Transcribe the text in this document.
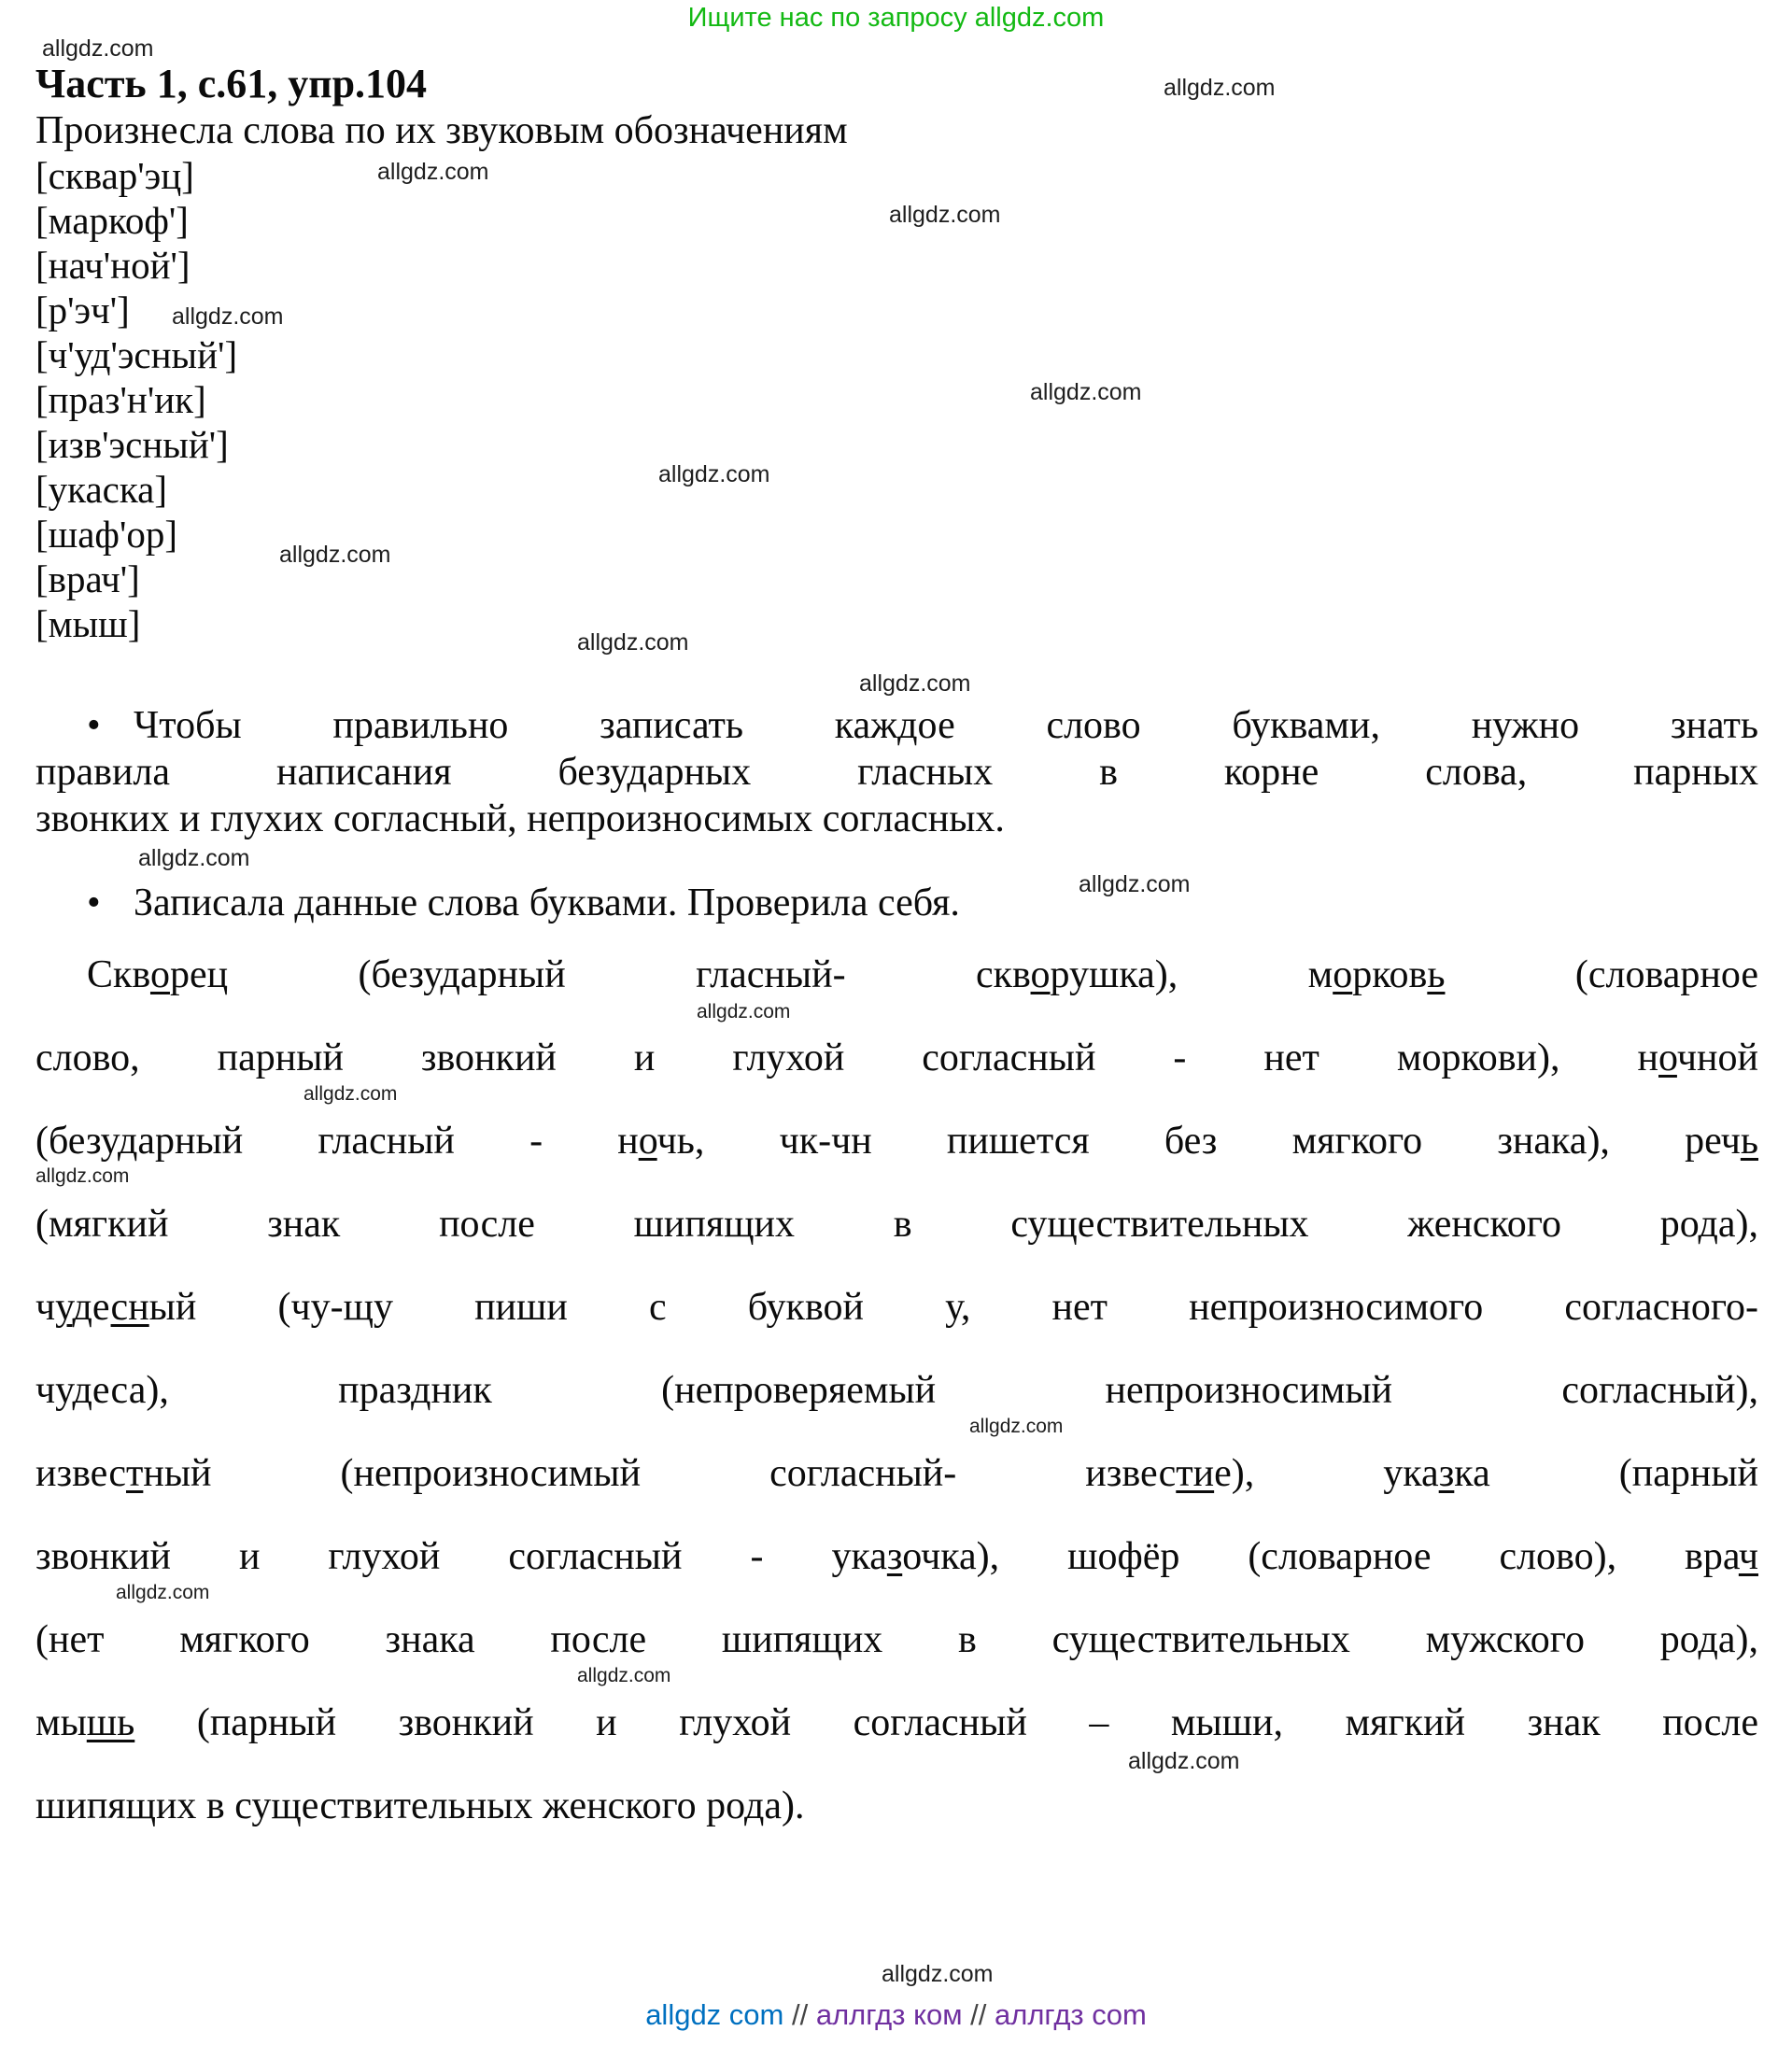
Ищите нас по запросу allgdz.com
allgdz.com
allgdz.com
allgdz.com
allgdz.com
allgdz.com
allgdz.com
allgdz.com
allgdz.com
allgdz.com
allgdz.com
allgdz.com
allgdz.com
allgdz.com
allgdz.com
allgdz.com
allgdz.com
allgdz.com
allgdz.com
allgdz.com
allgdz.com
Часть 1, с.61, упр.104
Произнесла слова по их звуковым обозначениям
[сквар'эц]
[маркоф']
[нач'ной']
[р'эч']
[ч'уд'эсный']
[праз'н'ик]
[изв'эсный']
[укаска]
[шаф'ор]
[врач']
[мыш]
• Чтобы правильно записать каждое слово буквами, нужно знать
правила написания безударных гласных в корне слова, парных
звонких и глухих согласный, непроизносимых согласных.
• Записала данные слова буквами. Проверила себя.
Скворец (безударный гласный- скворушка), морковь (словарное
слово, парный звонкий и глухой согласный - нет моркови), ночной
(безударный гласный - ночь, чк-чн пишется без мягкого знака), речь
(мягкий знак после шипящих в существительных женского рода),
чудесный (чу-щу пиши с буквой у, нет непроизносимого согласного-
чудеса), праздник (непроверяемый непроизносимый согласный),
известный (непроизносимый согласный- известие), указка (парный
звонкий и глухой согласный - указочка), шофёр (словарное слово), врач
(нет мягкого знака после шипящих в существительных мужского рода),
мышь (парный звонкий и глухой согласный – мыши, мягкий знак после
шипящих в существительных женского рода).
allgdz com // аллгдз ком // аллгдз com
